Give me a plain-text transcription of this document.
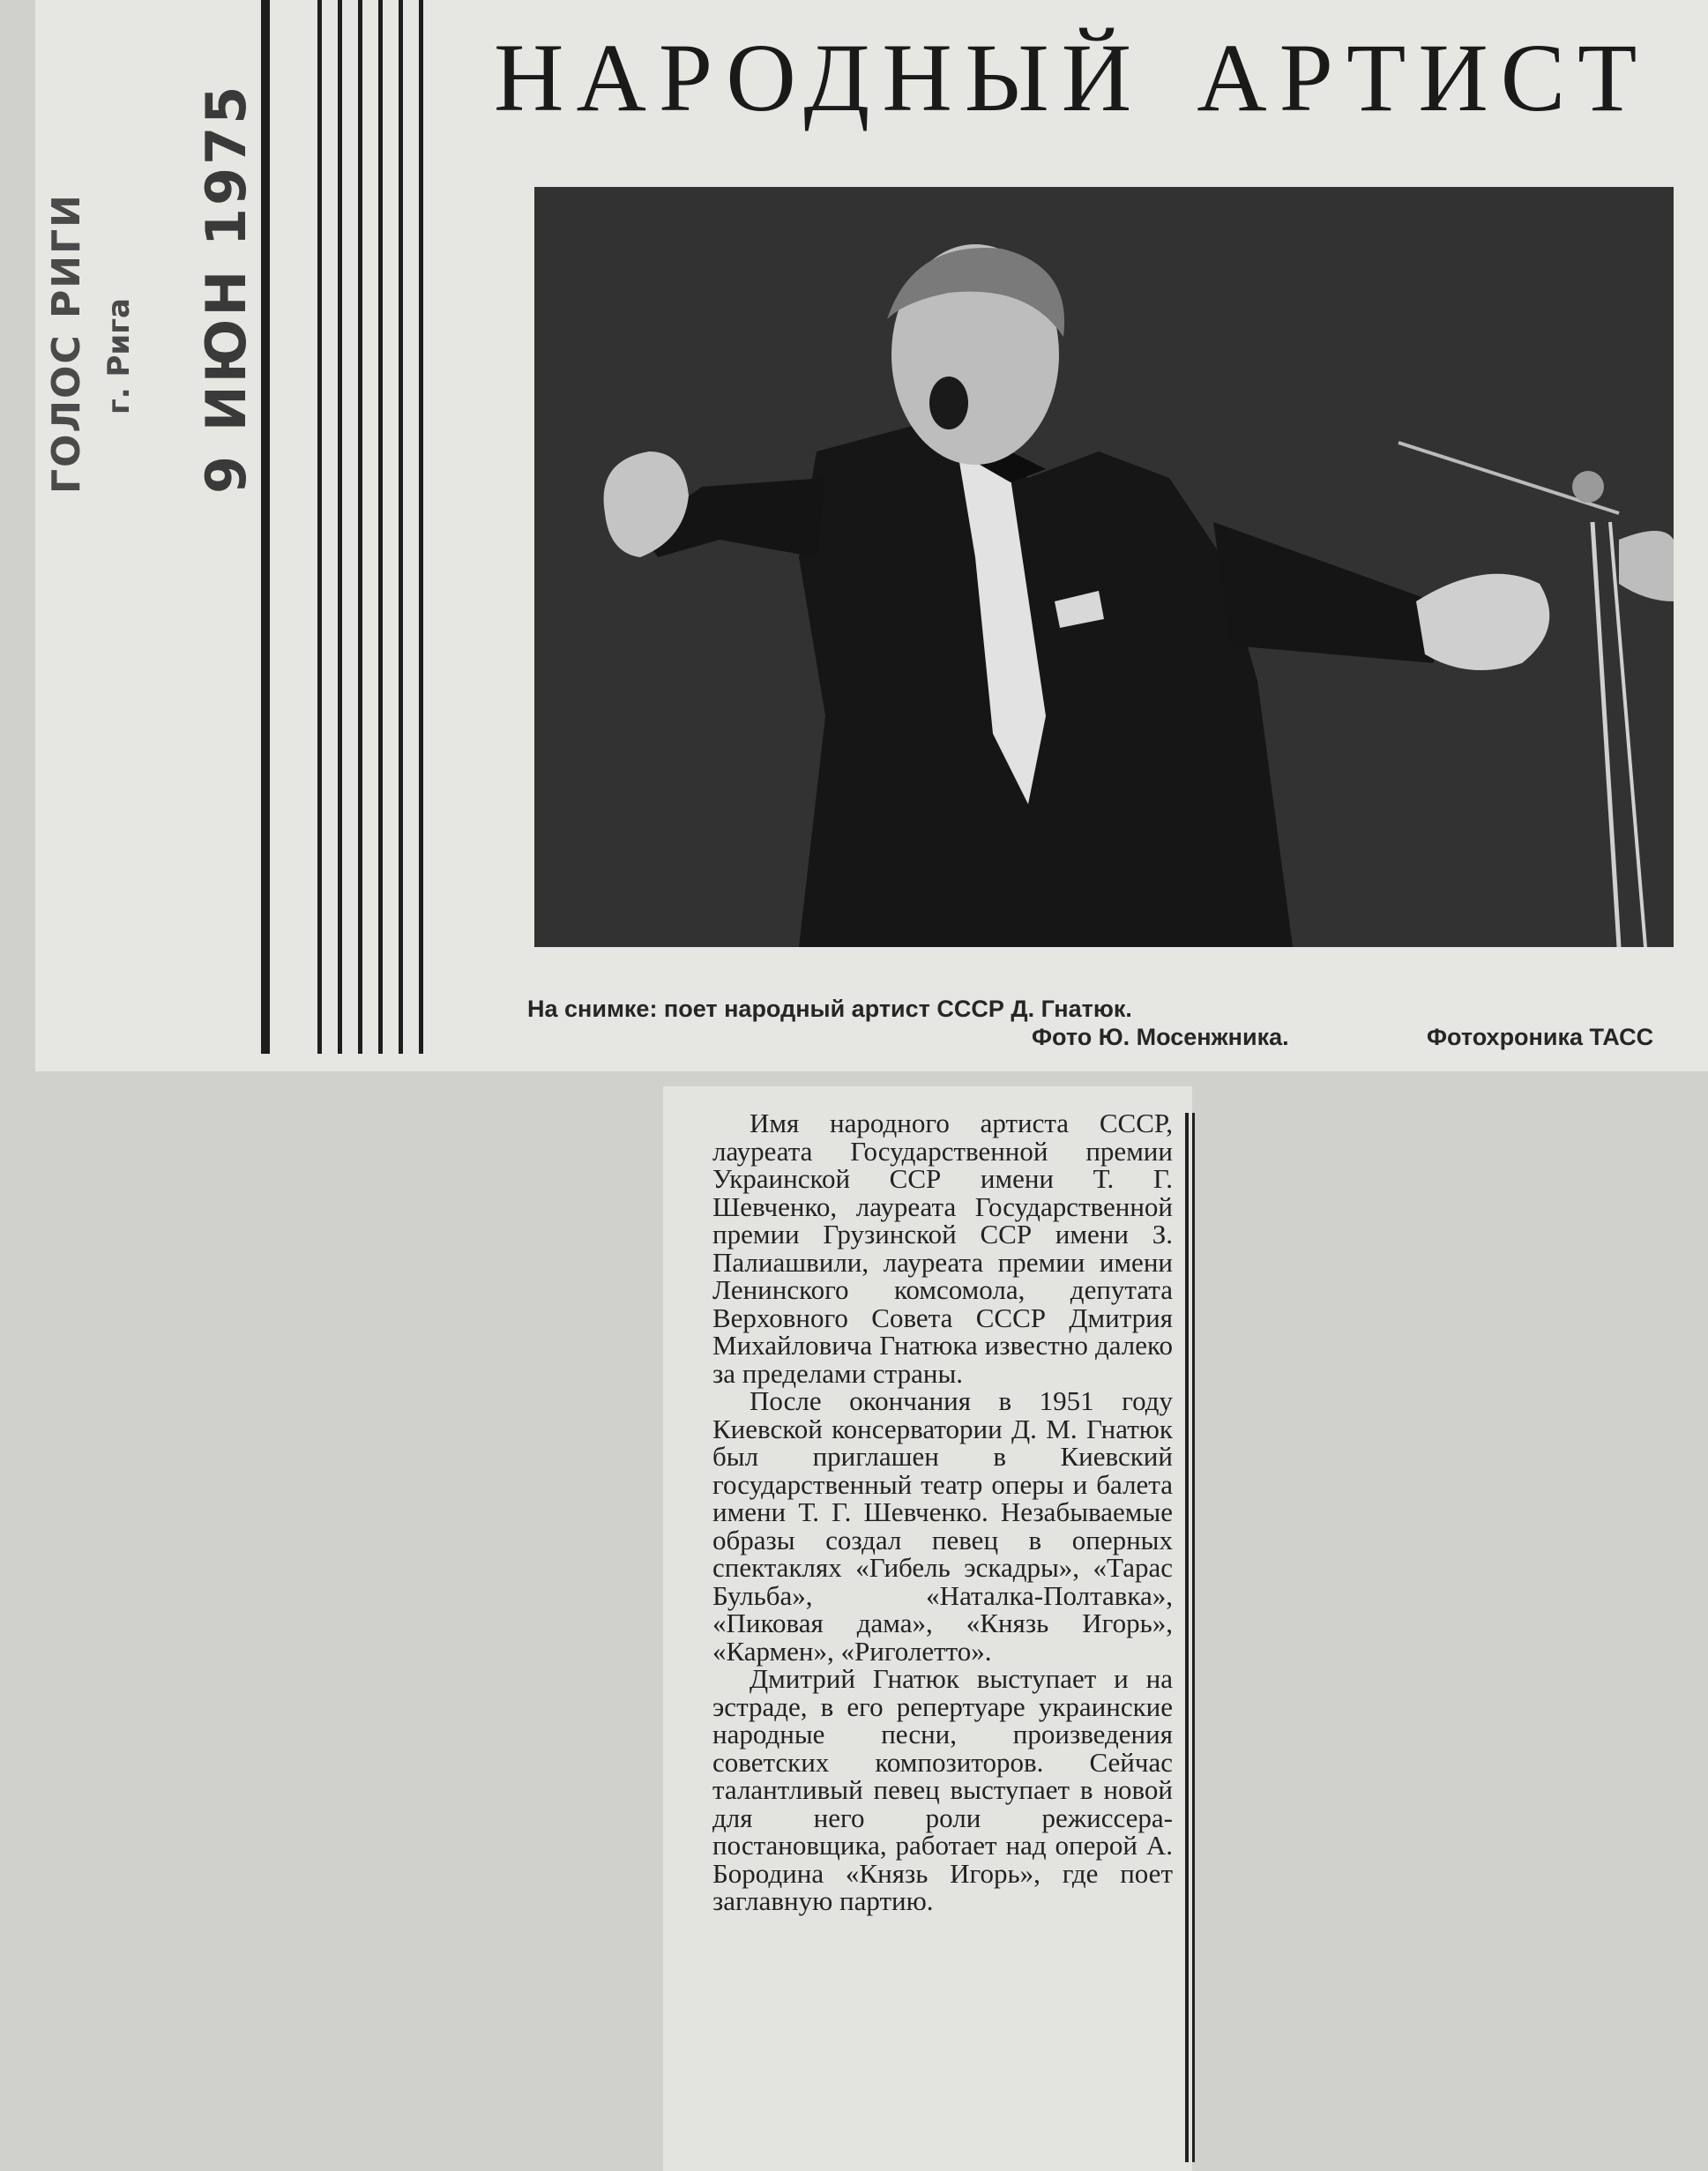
ГОЛОС РИГИ г. Рига 9 ИЮН 1975
НАРОДНЫЙ АРТИСТ
На снимке: поет народный артист СССР Д. Гнатюк.
Фото Ю. Мосенжника.	Фотохроника ТАСС

Имя народного артиста СССР, лауреата Государственной премии Украинской ССР имени Т. Г. Шевченко, лауреата Государственной премии Грузинской ССР имени З. Палиашвили, лауреата премии имени Ленинского комсомола, депутата Верховного Совета СССР Дмитрия Михайловича Гнатюка известно далеко за пределами страны.

После окончания в 1951 году Киевской консерватории Д. М. Гнатюк был приглашен в Киевский государственный театр оперы и балета имени Т. Г. Шевченко. Незабываемые образы создал певец в оперных спектаклях «Гибель эскадры», «Тарас Бульба», «Наталка-Полтавка», «Пиковая дама», «Князь Игорь», «Кармен», «Риголетто».

Дмитрий Гнатюк выступает и на эстраде, в его репертуаре украинские народные песни, произведения советских композиторов. Сейчас талантливый певец выступает в новой для него роли режиссера-постановщика, работает над оперой А. Бородина «Князь Игорь», где поет заглавную партию.
